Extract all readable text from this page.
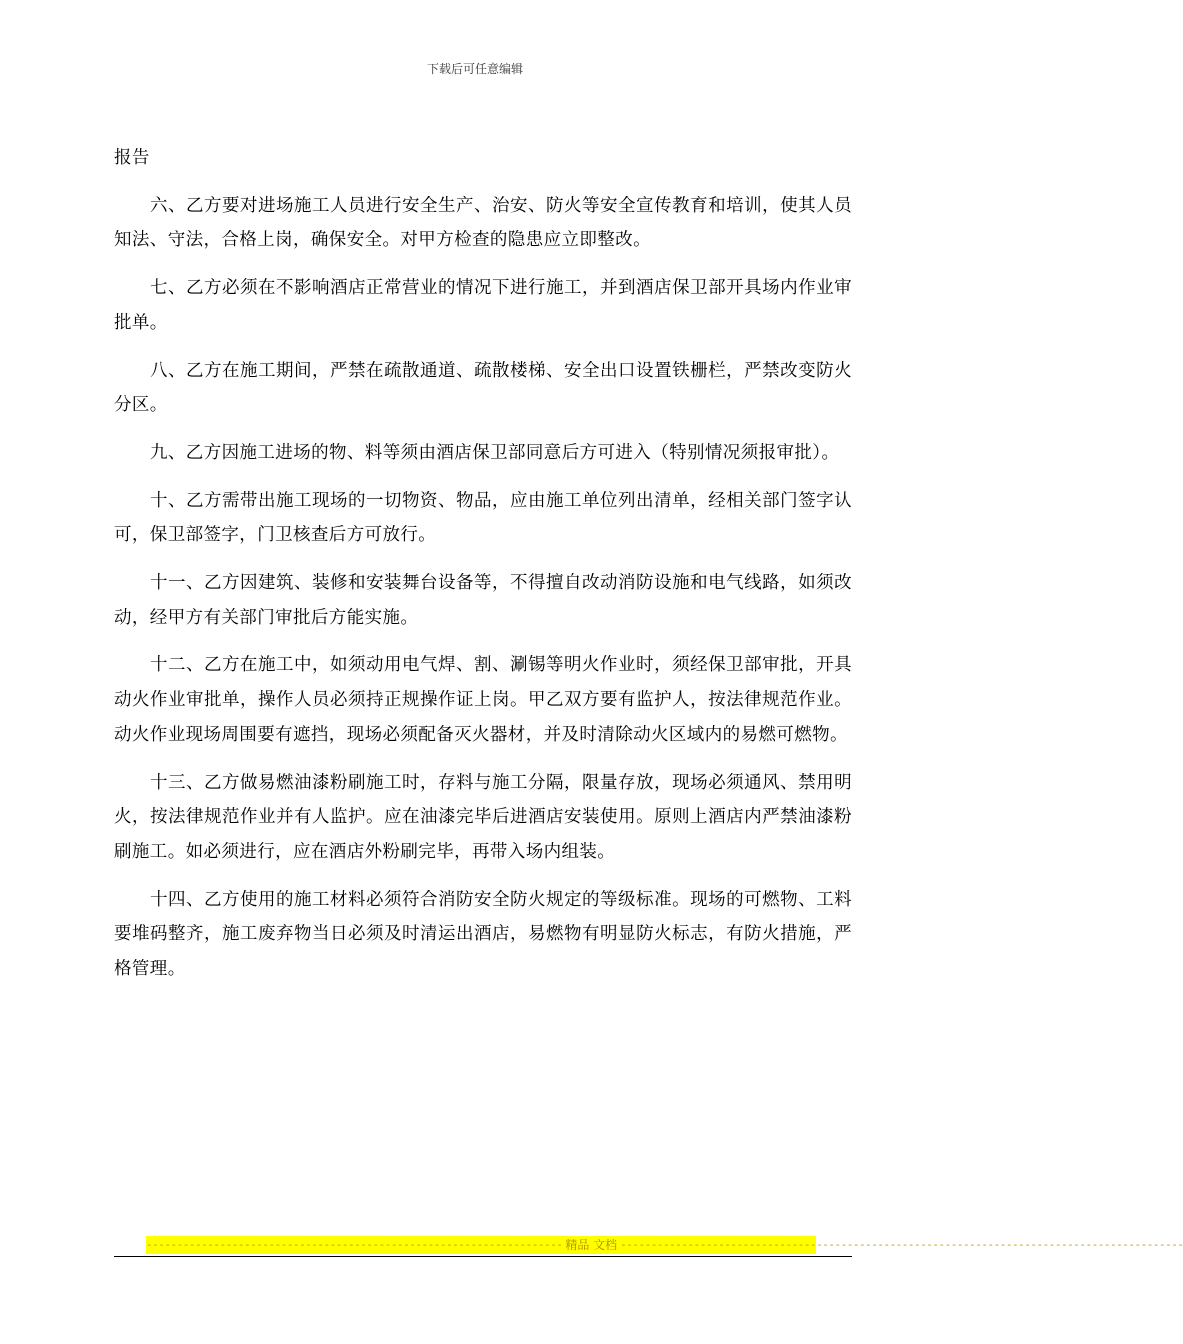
下载后可任意编辑

报告

六、乙方要对进场施工人员进行安全生产、治安、防火等安全宣传教育和培训，使其人员知法、守法，合格上岗，确保安全。对甲方检查的隐患应立即整改。

七、乙方必须在不影响酒店正常营业的情况下进行施工，并到酒店保卫部开具场内作业审批单。

八、乙方在施工期间，严禁在疏散通道、疏散楼梯、安全出口设置铁栅栏，严禁改变防火分区。

九、乙方因施工进场的物、料等须由酒店保卫部同意后方可进入（特别情况须报审批）。

十、乙方需带出施工现场的一切物资、物品，应由施工单位列出清单，经相关部门签字认可，保卫部签字，门卫核查后方可放行。

十一、乙方因建筑、装修和安装舞台设备等，不得擅自改动消防设施和电气线路，如须改动，经甲方有关部门审批后方能实施。

十二、乙方在施工中，如须动用电气焊、割、涮锡等明火作业时，须经保卫部审批，开具动火作业审批单，操作人员必须持正规操作证上岗。甲乙双方要有监护人，按法律规范作业。动火作业现场周围要有遮挡，现场必须配备灭火器材，并及时清除动火区域内的易燃可燃物。

十三、乙方做易燃油漆粉刷施工时，存料与施工分隔，限量存放，现场必须通风、禁用明火，按法律规范作业并有人监护。应在油漆完毕后进酒店安装使用。原则上酒店内严禁油漆粉刷施工。如必须进行，应在酒店外粉刷完毕，再带入场内组装。

十四、乙方使用的施工材料必须符合消防安全防火规定的等级标准。现场的可燃物、工料要堆码整齐，施工废弃物当日必须及时清运出酒店，易燃物有明显防火标志，有防火措施，严格管理。

-------------------------------------------------------------------- 精品 文档 --------------------------------------------------------------------------------------------
